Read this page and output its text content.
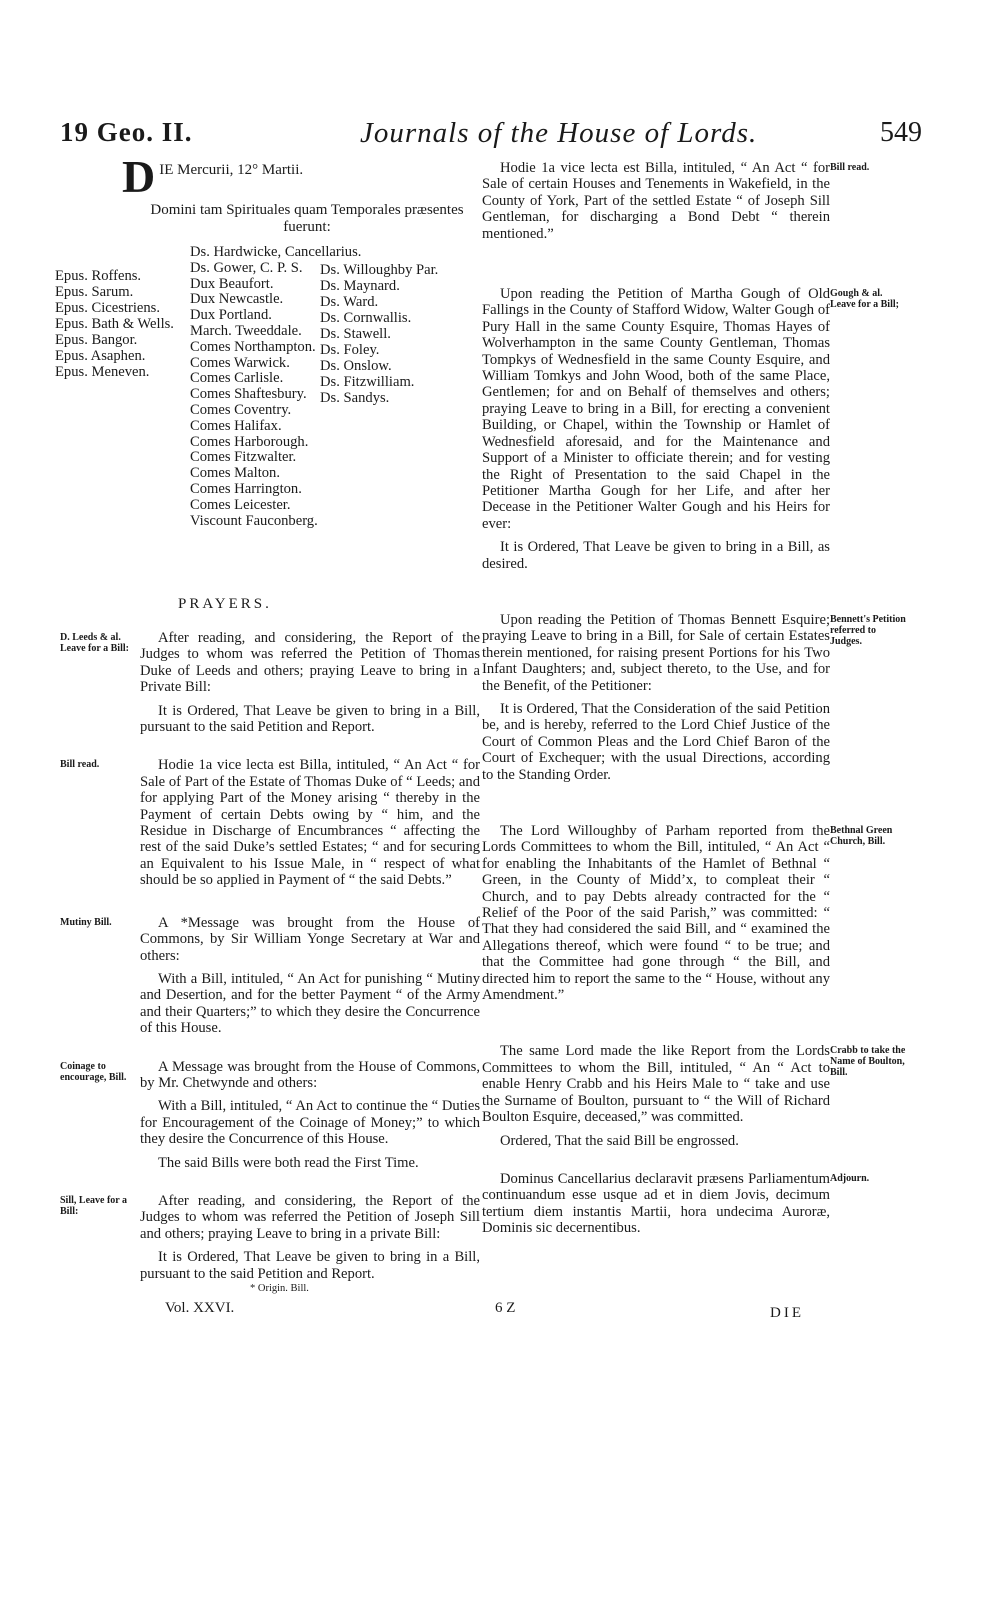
19 Geo. II.	Journals of the House of Lords.	549
D IE Mercurii, 12° Martii.
Domini tam Spirituales quam Temporales præsentes fuerunt:
Epus. Roffens.
Epus. Sarum.
Epus. Cicestriens.
Epus. Bath & Wells.
Epus. Bangor.
Epus. Asaphen.
Epus. Meneven.
Ds. Hardwicke, Cancellarius.
Ds. Gower, C. P. S.
Dux Beaufort.
Dux Newcastle.
Dux Portland.
March. Tweeddale.
Comes Northampton.
Comes Warwick.
Comes Carlisle.
Comes Shaftesbury.
Comes Coventry.
Comes Halifax.
Comes Harborough.
Comes Fitzwalter.
Comes Malton.
Comes Harrington.
Comes Leicester.
Viscount Fauconberg.
Ds. Willoughby Par.
Ds. Maynard.
Ds. Ward.
Ds. Cornwallis.
Ds. Stawell.
Ds. Foley.
Ds. Onslow.
Ds. Fitzwilliam.
Ds. Sandys.
PRAYERS.

After reading, and considering, the Report of the Judges to whom was referred the Petition of Thomas Duke of Leeds and others; praying Leave to bring in a Private Bill:

It is Ordered, That Leave be given to bring in a Bill, pursuant to the said Petition and Report.

Hodie 1a vice lecta est Billa, intituled, “ An Act “ for Sale of Part of the Estate of Thomas Duke of “ Leeds; and for applying Part of the Money arising “ thereby in the Payment of certain Debts owing by “ him, and the Residue in Discharge of Encumbrances “ affecting the rest of the said Duke’s settled Estates; “ and for securing an Equivalent to his Issue Male, in “ respect of what should be so applied in Payment of “ the said Debts.”

A *Message was brought from the House of Commons, by Sir William Yonge Secretary at War and others:

With a Bill, intituled, “ An Act for punishing “ Mutiny and Desertion, and for the better Payment “ of the Army and their Quarters;” to which they desire the Concurrence of this House.

A Message was brought from the House of Commons, by Mr. Chetwynde and others:

With a Bill, intituled, “ An Act to continue the “ Duties for Encouragement of the Coinage of Money;” to which they desire the Concurrence of this House.

The said Bills were both read the First Time.

After reading, and considering, the Report of the Judges to whom was referred the Petition of Joseph Sill and others; praying Leave to bring in a private Bill:

It is Ordered, That Leave be given to bring in a Bill, pursuant to the said Petition and Report.

D. Leeds & al. Leave for a Bill:
Bill read.
Mutiny Bill.
Coinage to encourage, Bill.
Sill, Leave for a Bill:

Hodie 1a vice lecta est Billa, intituled, “ An Act “ for Sale of certain Houses and Tenements in Wakefield, in the County of York, Part of the settled Estate “ of Joseph Sill Gentleman, for discharging a Bond Debt “ therein mentioned.”

Upon reading the Petition of Martha Gough of Old Fallings in the County of Stafford Widow, Walter Gough of Pury Hall in the same County Esquire, Thomas Hayes of Wolverhampton in the same County Gentleman, Thomas Tompkys of Wednesfield in the same County Esquire, and William Tomkys and John Wood, both of the same Place, Gentlemen; for and on Behalf of themselves and others; praying Leave to bring in a Bill, for erecting a convenient Building, or Chapel, within the Township or Hamlet of Wednesfield aforesaid, and for the Maintenance and Support of a Minister to officiate therein; and for vesting the Right of Presentation to the said Chapel in the Petitioner Martha Gough for her Life, and after her Decease in the Petitioner Walter Gough and his Heirs for ever:

It is Ordered, That Leave be given to bring in a Bill, as desired.

Upon reading the Petition of Thomas Bennett Esquire; praying Leave to bring in a Bill, for Sale of certain Estates therein mentioned, for raising present Portions for his Two Infant Daughters; and, subject thereto, to the Use, and for the Benefit, of the Petitioner:

It is Ordered, That the Consideration of the said Petition be, and is hereby, referred to the Lord Chief Justice of the Court of Common Pleas and the Lord Chief Baron of the Court of Exchequer; with the usual Directions, according to the Standing Order.

The Lord Willoughby of Parham reported from the Lords Committees to whom the Bill, intituled, “ An Act “ for enabling the Inhabitants of the Hamlet of Bethnal “ Green, in the County of Midd’x, to compleat their “ Church, and to pay Debts already contracted for the “ Relief of the Poor of the said Parish,” was committed: “ That they had considered the said Bill, and “ examined the Allegations thereof, which were found “ to be true; and that the Committee had gone through “ the Bill, and directed him to report the same to the “ House, without any Amendment.”

The same Lord made the like Report from the Lords Committees to whom the Bill, intituled, “ An “ Act to enable Henry Crabb and his Heirs Male to “ take and use the Surname of Boulton, pursuant to “ the Will of Richard Boulton Esquire, deceased,” was committed.

Ordered, That the said Bill be engrossed.

Dominus Cancellarius declaravit præsens Parliamentum continuandum esse usque ad et in diem Jovis, decimum tertium diem instantis Martii, hora undecima Auroræ, Dominis sic decernentibus.

Bill read.
Gough & al. Leave for a Bill;
Bennett's Petition referred to Judges.
Bethnal Green Church, Bill.
Crabb to take the Name of Boulton, Bill.
Adjourn.
* Origin. Bill.
Vol. XXVI.	6 Z	DIE
